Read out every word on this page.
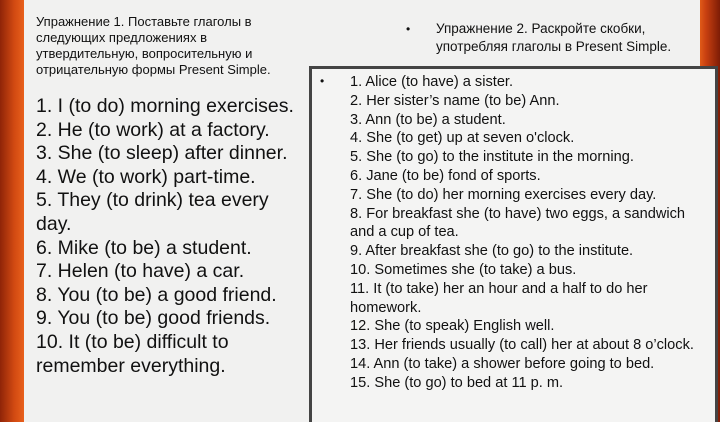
Упражнение 1. Поставьте глаголы в следующих предложениях в утвердительную, вопросительную и отрицательную формы Present Simple.
1. I (to do) morning exercises.
2. He (to work) at a factory.
3. She (to sleep) after dinner.
4. We (to work) part-time.
5. They (to drink) tea every day.
6. Mike (to be) a student.
7. Helen (to have) a car.
8. You (to be) a good friend.
9. You (to be) good friends.
10. It (to be) difficult to remember everything.
• Упражнение 2. Раскройте скобки, употребляя глаголы в Present Simple.
• 1. Alice (to have) a sister.
2. Her sister’s name (to be) Ann.
3. Ann (to be) a student.
4. She (to get) up at seven o'clock.
5. She (to go) to the institute in the morning.
6. Jane (to be) fond of sports.
7. She (to do) her morning exercises every day.
8. For breakfast she (to have) two eggs, a sandwich and a cup of tea.
9. After breakfast she (to go) to the institute.
10. Sometimes she (to take) a bus.
11. It (to take) her an hour and a half to do her homework.
12. She (to speak) English well.
13. Her friends usually (to call) her at about 8 o’clock.
14. Ann (to take) a shower before going to bed.
15. She (to go) to bed at 11 p. m.
